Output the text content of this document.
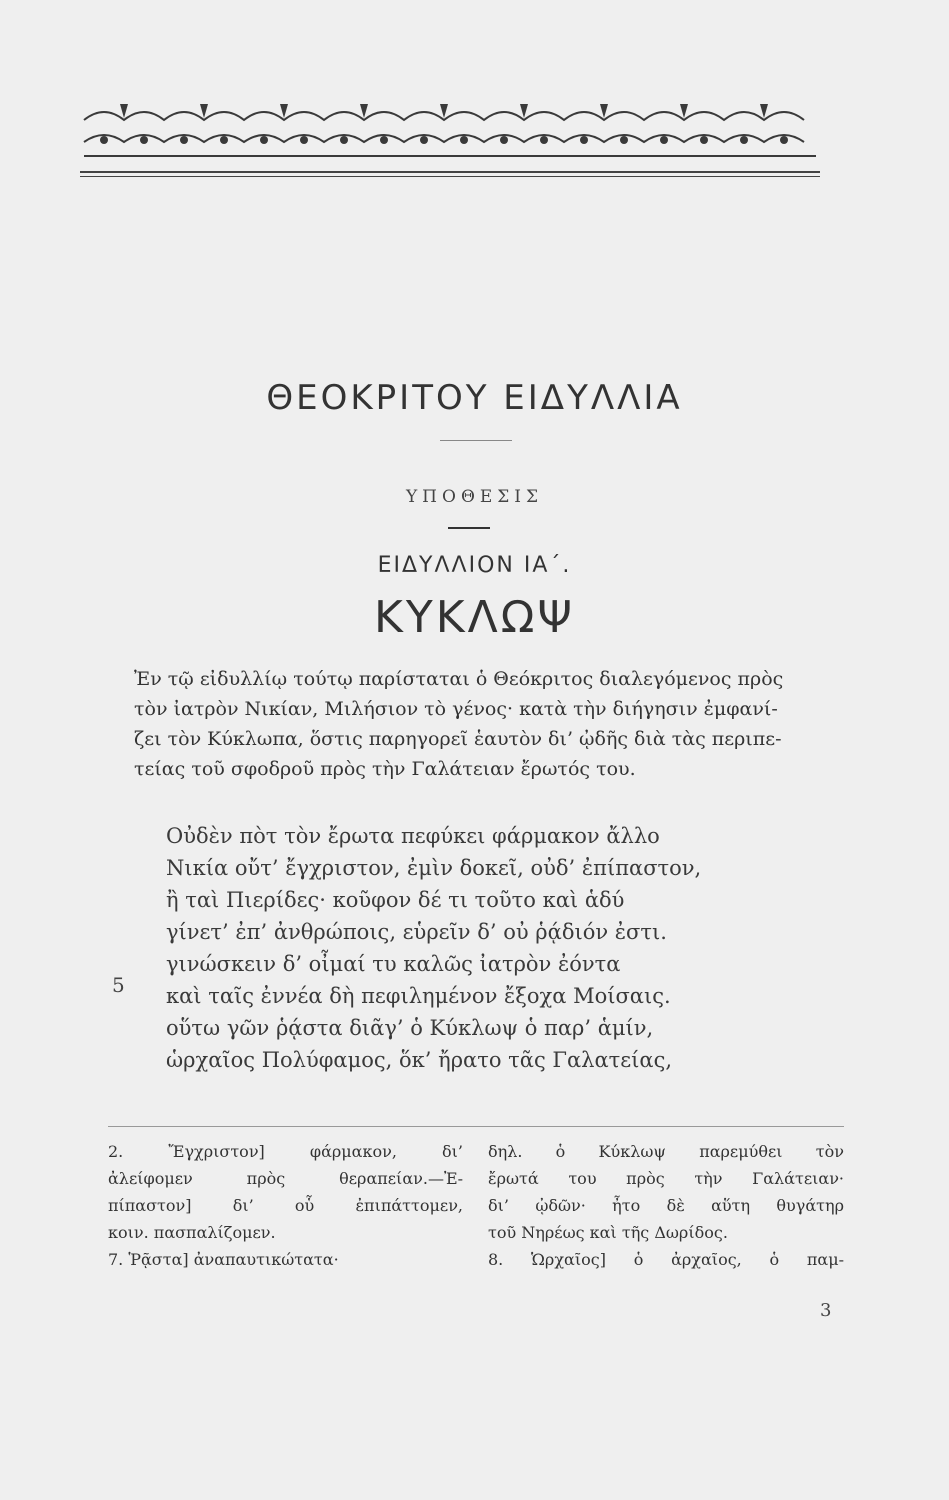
ΘΕΟΚΡΙΤΟΥ ΕΙΔΥΛΛΙΑ
ΥΠΟΘΕΣΙΣ
ΕΙΔΥΛΛΙΟΝ ΙΑ΄.
ΚΥΚΛΩΨ
Ἐν τῷ εἰδυλλίῳ τούτῳ παρίσταται ὁ Θεόκριτος διαλεγόμενος πρὸς
τὸν ἰατρὸν Νικίαν, Μιλήσιον τὸ γένος· κατὰ τὴν διήγησιν ἐμφανί-
ζει τὸν Κύκλωπα, ὅστις παρηγορεῖ ἑαυτὸν δι’ ᾠδῆς διὰ τὰς περιπε-
τείας τοῦ σφοδροῦ πρὸς τὴν Γαλάτειαν ἔρωτός του.
Οὐδὲν πὸτ τὸν ἔρωτα πεφύκει φάρμακον ἄλλο
Νικία οὔτ’ ἔγχριστον, ἐμὶν δοκεῖ, οὐδ’ ἐπίπαστον,
ἢ ταὶ Πιερίδες· κοῦφον δέ τι τοῦτο καὶ ἁδύ
γίνετ’ ἐπ’ ἀνθρώποις, εὑρεῖν δ’ οὐ ῥᾴδιόν ἐστι.
γινώσκειν δ’ οἶμαί τυ καλῶς ἰατρὸν ἐόντα
καὶ ταῖς ἐννέα δὴ πεφιλημένον ἔξοχα Μοίσαις.
οὕτω γῶν ῥᾴστα διᾶγ’ ὁ Κύκλωψ ὁ παρ’ ἁμίν,
ὡρχαῖος Πολύφαμος, ὅκ’ ἤρατο τᾶς Γαλατείας,
5
2. Ἔγχριστον] φάρμακον, δι’
ἀλείφομεν πρὸς θεραπείαν.—Ἐ-
πίπαστον] δι’ οὗ ἐπιπάττομεν,
κοιν. πασπαλίζομεν.
7. Ῥᾷστα] ἀναπαυτικώτατα·
δηλ. ὁ Κύκλωψ παρεμύθει τὸν
ἔρωτά του πρὸς τὴν Γαλάτειαν·
δι’ ᾠδῶν· ἦτο δὲ αὕτη θυγάτηρ
τοῦ Νηρέως καὶ τῆς Δωρίδος.
8. Ὡρχαῖος] ὁ ἀρχαῖος, ὁ παμ-
3
